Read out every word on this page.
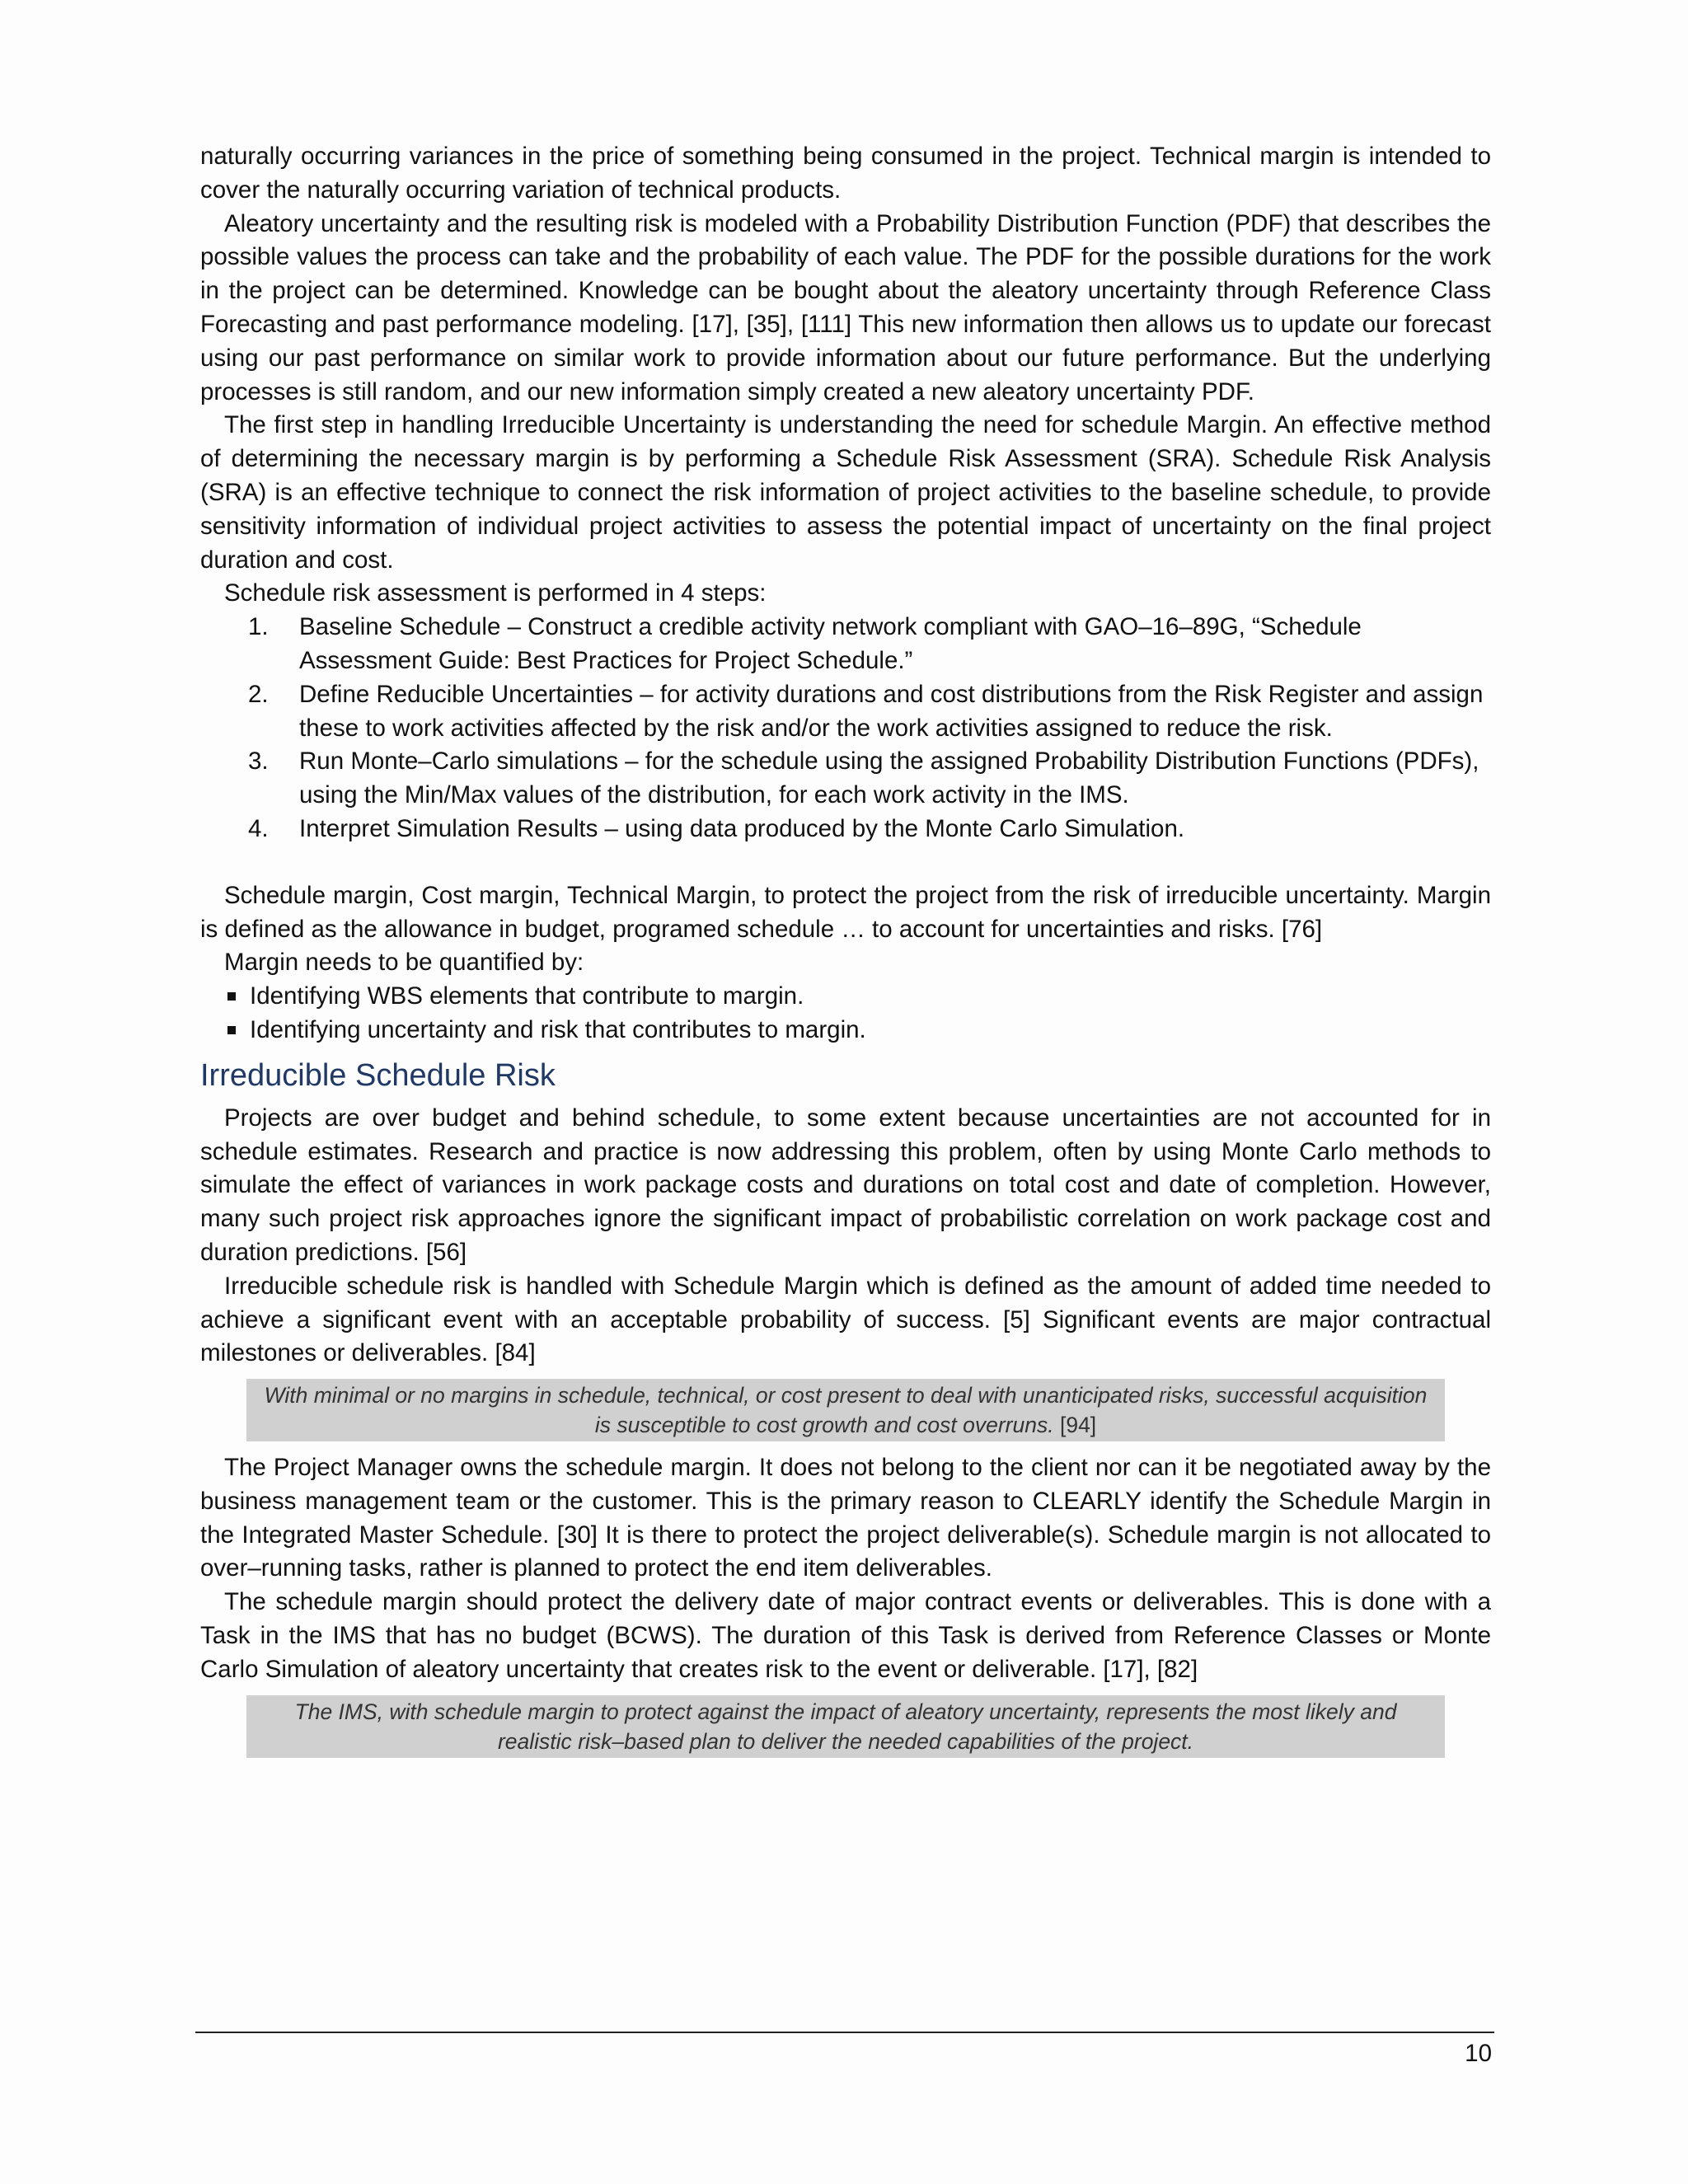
naturally occurring variances in the price of something being consumed in the project. Technical margin is intended to cover the naturally occurring variation of technical products.

Aleatory uncertainty and the resulting risk is modeled with a Probability Distribution Function (PDF) that describes the possible values the process can take and the probability of each value. The PDF for the possible durations for the work in the project can be determined. Knowledge can be bought about the aleatory uncertainty through Reference Class Forecasting and past performance modeling. [17], [35], [111] This new information then allows us to update our forecast using our past performance on similar work to provide information about our future performance. But the underlying processes is still random, and our new information simply created a new aleatory uncertainty PDF.

The first step in handling Irreducible Uncertainty is understanding the need for schedule Margin. An effective method of determining the necessary margin is by performing a Schedule Risk Assessment (SRA). Schedule Risk Analysis (SRA) is an effective technique to connect the risk information of project activities to the baseline schedule, to provide sensitivity information of individual project activities to assess the potential impact of uncertainty on the final project duration and cost.

Schedule risk assessment is performed in 4 steps:

1. Baseline Schedule – Construct a credible activity network compliant with GAO–16–89G, “Schedule Assessment Guide: Best Practices for Project Schedule.”
2. Define Reducible Uncertainties – for activity durations and cost distributions from the Risk Register and assign these to work activities affected by the risk and/or the work activities assigned to reduce the risk.
3. Run Monte–Carlo simulations – for the schedule using the assigned Probability Distribution Functions (PDFs), using the Min/Max values of the distribution, for each work activity in the IMS.
4. Interpret Simulation Results – using data produced by the Monte Carlo Simulation.

Schedule margin, Cost margin, Technical Margin, to protect the project from the risk of irreducible uncertainty. Margin is defined as the allowance in budget, programed schedule … to account for uncertainties and risks. [76]

Margin needs to be quantified by:

Identifying WBS elements that contribute to margin.
Identifying uncertainty and risk that contributes to margin.
Irreducible Schedule Risk

Projects are over budget and behind schedule, to some extent because uncertainties are not accounted for in schedule estimates. Research and practice is now addressing this problem, often by using Monte Carlo methods to simulate the effect of variances in work package costs and durations on total cost and date of completion. However, many such project risk approaches ignore the significant impact of probabilistic correlation on work package cost and duration predictions. [56]

Irreducible schedule risk is handled with Schedule Margin which is defined as the amount of added time needed to achieve a significant event with an acceptable probability of success. [5] Significant events are major contractual milestones or deliverables. [84]

With minimal or no margins in schedule, technical, or cost present to deal with unanticipated risks, successful acquisition is susceptible to cost growth and cost overruns. [94]

The Project Manager owns the schedule margin. It does not belong to the client nor can it be negotiated away by the business management team or the customer. This is the primary reason to CLEARLY identify the Schedule Margin in the Integrated Master Schedule. [30] It is there to protect the project deliverable(s). Schedule margin is not allocated to over–running tasks, rather is planned to protect the end item deliverables.

The schedule margin should protect the delivery date of major contract events or deliverables. This is done with a Task in the IMS that has no budget (BCWS). The duration of this Task is derived from Reference Classes or Monte Carlo Simulation of aleatory uncertainty that creates risk to the event or deliverable. [17], [82]

The IMS, with schedule margin to protect against the impact of aleatory uncertainty, represents the most likely and realistic risk–based plan to deliver the needed capabilities of the project.
10
